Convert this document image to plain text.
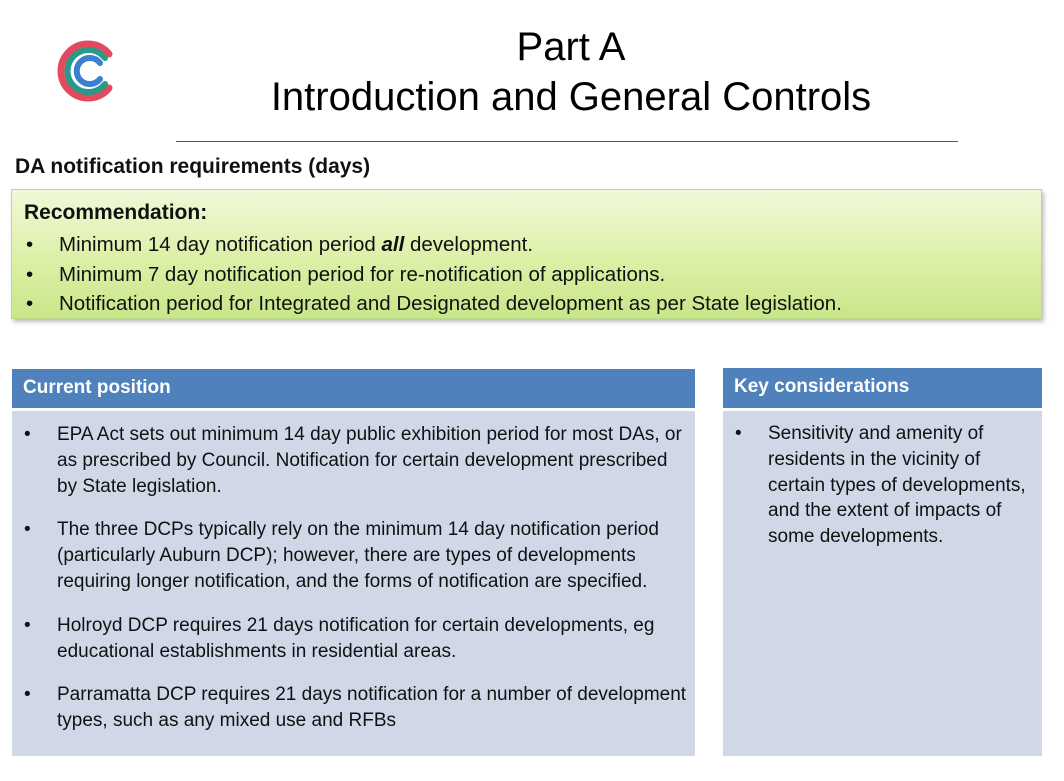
Part A
Introduction and General Controls
DA notification requirements (days)
Recommendation:
• Minimum 14 day notification period all development.
• Minimum 7 day notification period for re-notification of applications.
• Notification period for Integrated and Designated development as per State legislation.
Current position
• EPA Act sets out minimum 14 day public exhibition period for most DAs, or as prescribed by Council. Notification for certain development prescribed by State legislation.
• The three DCPs typically rely on the minimum 14 day notification period (particularly Auburn DCP); however, there are types of developments requiring longer notification, and the forms of notification are specified.
• Holroyd DCP requires 21 days notification for certain developments, eg educational establishments in residential areas.
• Parramatta DCP requires 21 days notification for a number of development types, such as any mixed use and RFBs
Key considerations
• Sensitivity and amenity of residents in the vicinity of certain types of developments, and the extent of impacts of some developments.
